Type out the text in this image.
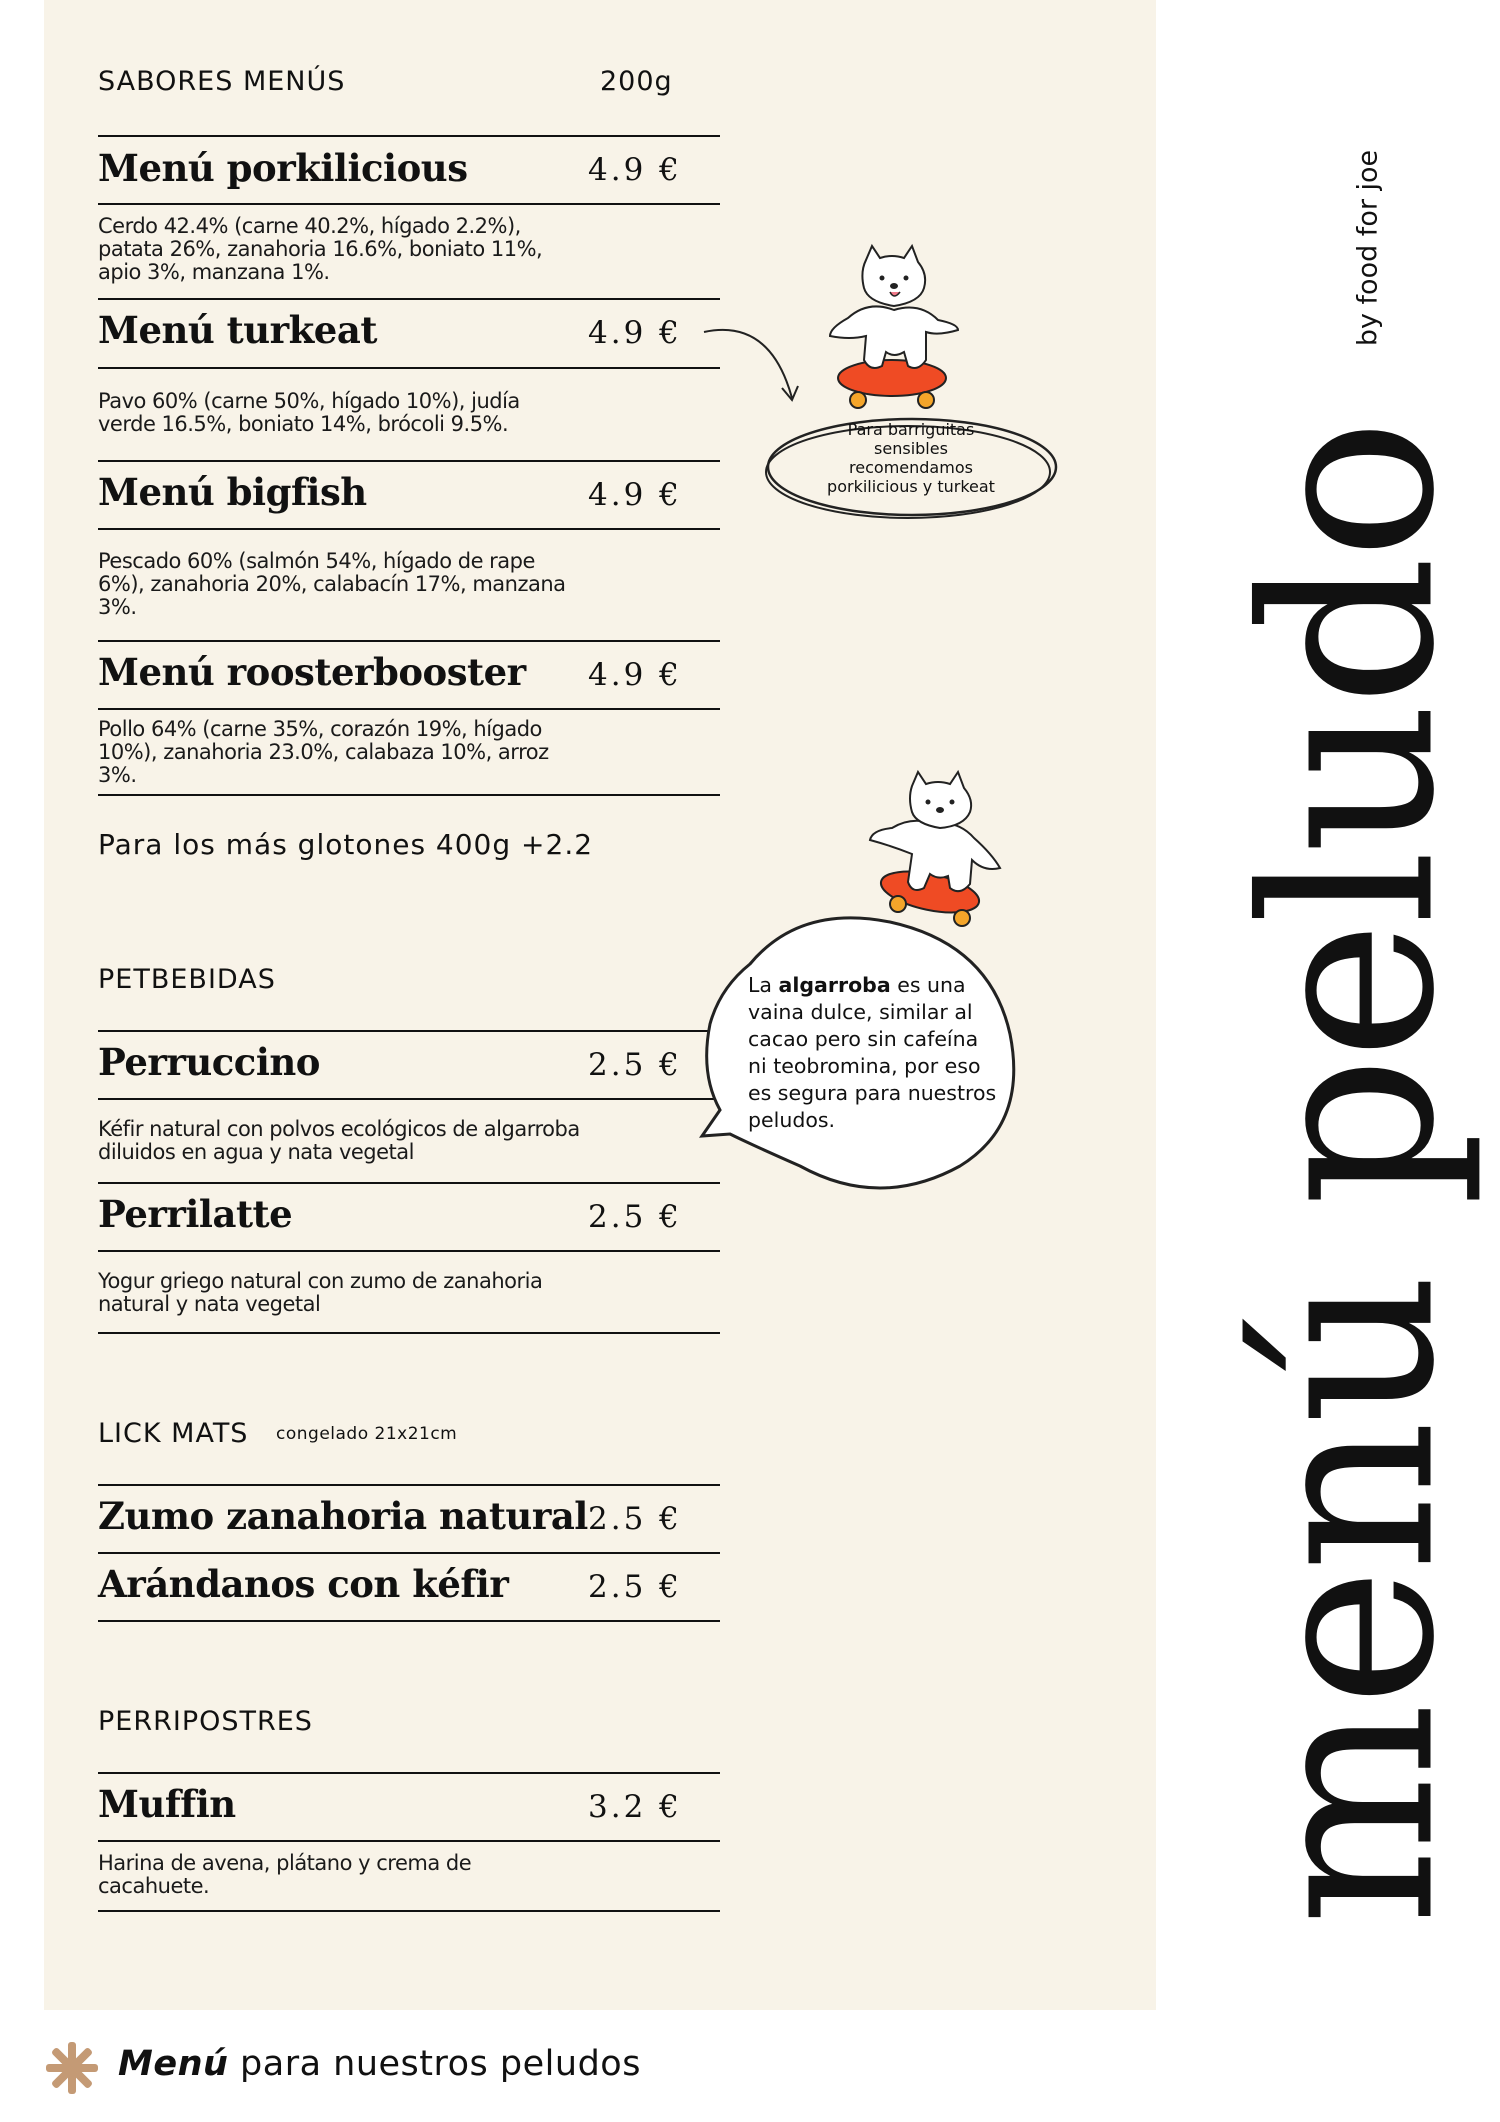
SABORES MENÚS	200g
Menú porkilicious	4.9 €
Cerdo 42.4% (carne 40.2%, hígado 2.2%), patata 26%, zanahoria 16.6%, boniato 11%, apio 3%, manzana 1%.
Menú turkeat	4.9 €
Pavo 60% (carne 50%, hígado 10%), judía verde 16.5%, boniato 14%, brócoli 9.5%.
Menú bigfish	4.9 €
Pescado 60% (salmón 54%, hígado de rape 6%), zanahoria 20%, calabacín 17%, manzana 3%.
Menú roosterbooster 4.9 €
Pollo 64% (carne 35%, corazón 19%, hígado 10%), zanahoria 23.0%, calabaza 10%, arroz 3%.
Para los más glotones 400g +2.2
PETBEBIDAS
Perruccino	2.5 €
Kéfir natural con polvos ecológicos de algarroba diluidos en agua y nata vegetal
Perrilatte	2.5 €
Yogur griego natural con zumo de zanahoria natural y nata vegetal
LICK MATS congelado 21x21cm
Zumo zanahoria natural 2.5 €
Arándanos con kéfir	2.5 €
PERRIPOSTRES
Muffin	3.2 €
Harina de avena, plátano y crema de cacahuete.	menú peludo
by food for joe
Para barriguitas sensibles recomendamos porkilicious y turkeat
La algarroba es una vaina dulce, similar al cacao pero sin cafeína ni teobromina, por eso es segura para nuestros peludos.
Menú para nuestros peludos
